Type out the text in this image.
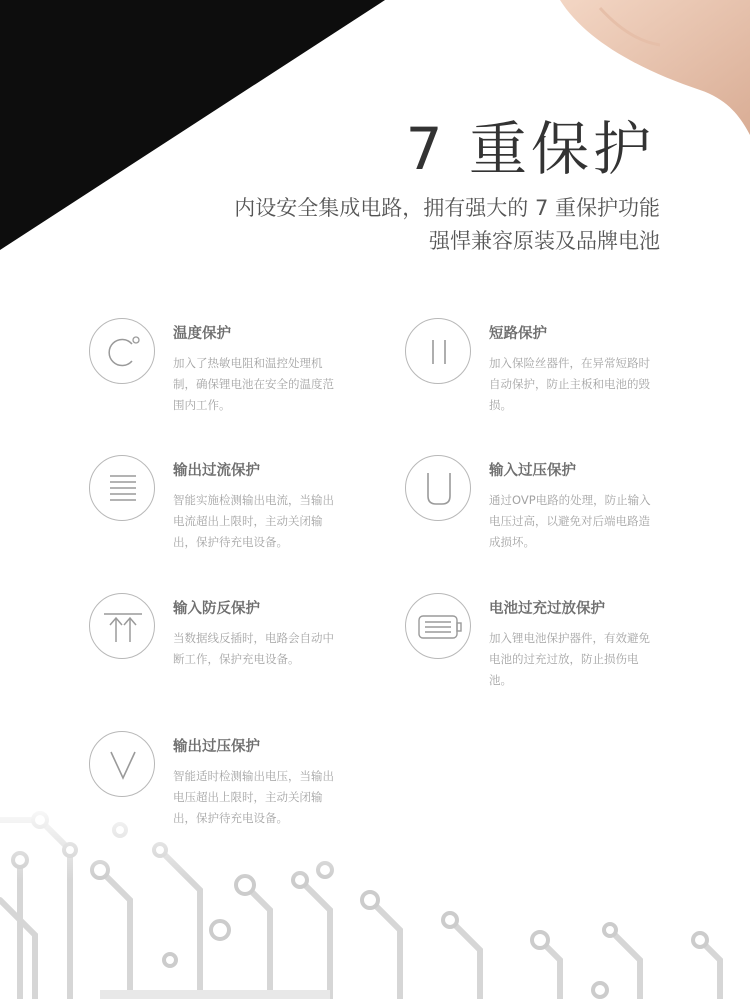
7 重保护
内设安全集成电路，拥有强大的 7 重保护功能
强悍兼容原装及品牌电池
温度保护
加入了热敏电阻和温控处理机制，确保锂电池在安全的温度范围内工作。
短路保护
加入保险丝器件，在异常短路时自动保护，防止主板和电池的毁损。
输出过流保护
智能实施检测输出电流，当输出电流超出上限时，主动关闭输出，保护待充电设备。
输入过压保护
通过OVP电路的处理，防止输入电压过高，以避免对后端电路造成损坏。
输入防反保护
当数据线反插时，电路会自动中断工作，保护充电设备。
电池过充过放保护
加入锂电池保护器件，有效避免电池的过充过放，防止损伤电池。
输出过压保护
智能适时检测输出电压，当输出电压超出上限时，主动关闭输出，保护待充电设备。
